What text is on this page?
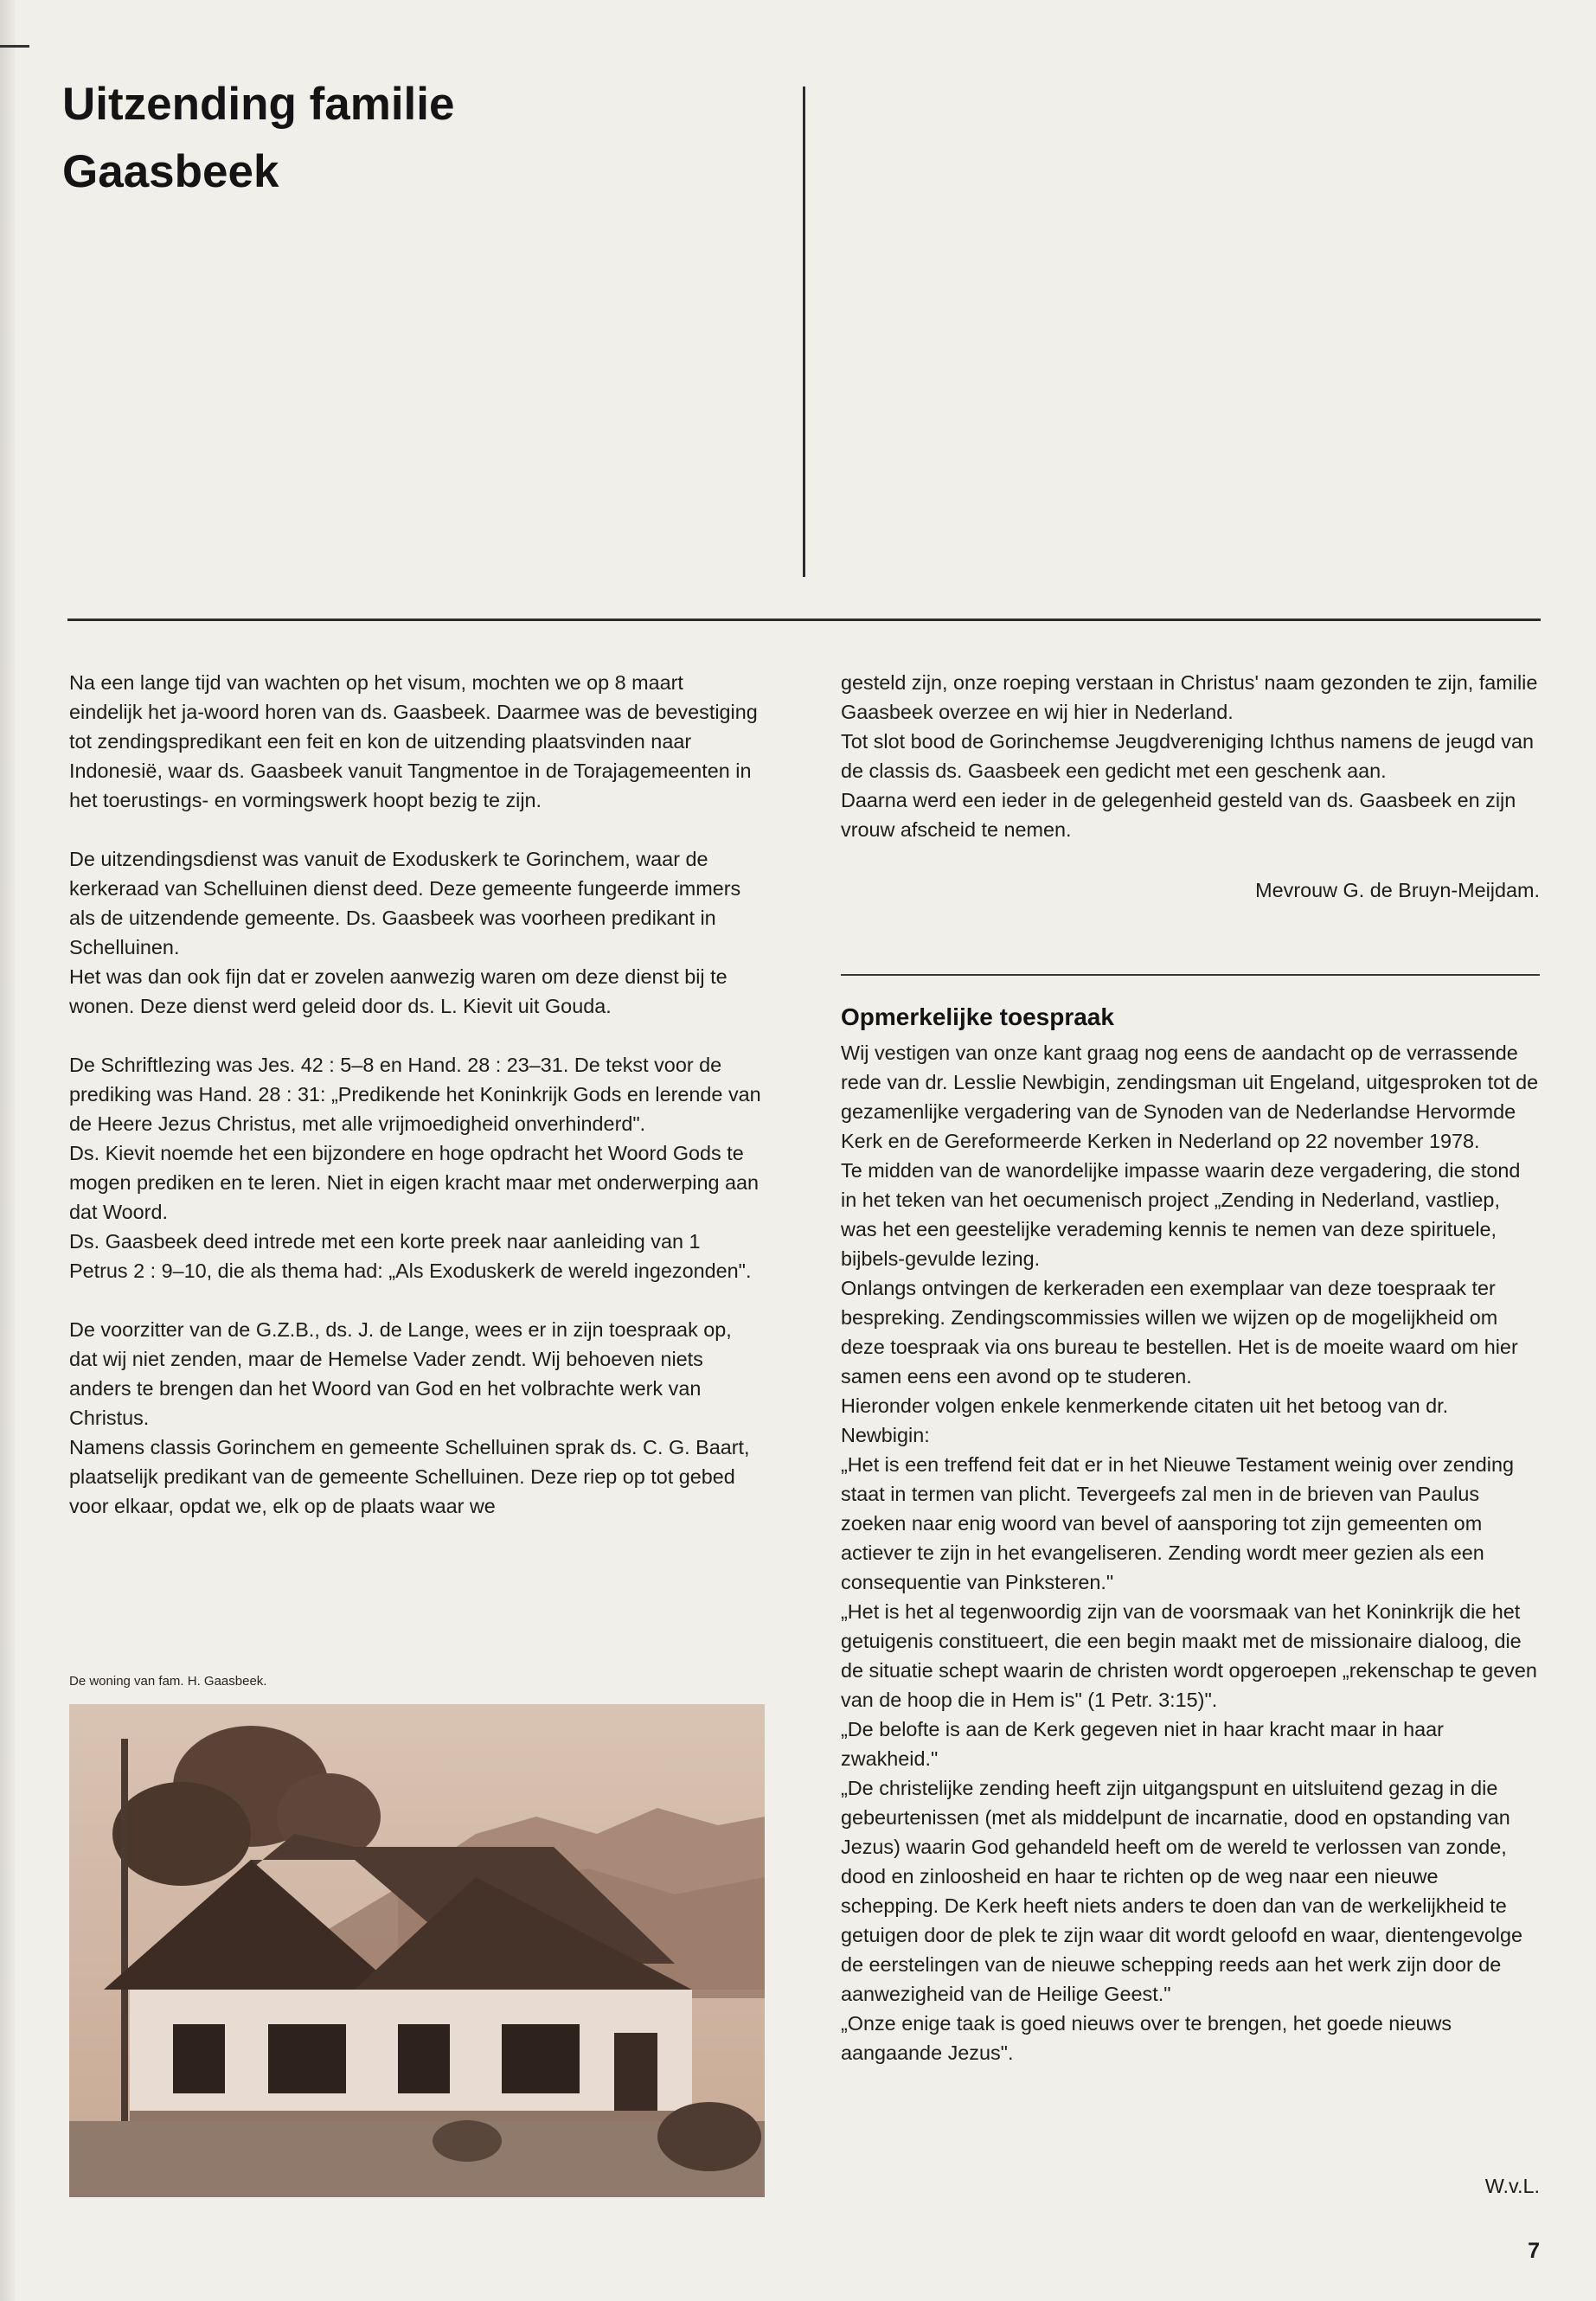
Uitzending familie
Gaasbeek

Na een lange tijd van wachten op het visum, mochten we op 8 maart eindelijk het ja-woord horen van ds. Gaasbeek. Daarmee was de bevestiging tot zendingspredikant een feit en kon de uitzending plaatsvinden naar Indonesië, waar ds. Gaasbeek vanuit Tangmentoe in de Torajagemeenten in het toerustings- en vormingswerk hoopt bezig te zijn.

De uitzendingsdienst was vanuit de Exoduskerk te Gorinchem, waar de kerkeraad van Schelluinen dienst deed. Deze gemeente fungeerde immers als de uitzendende gemeente. Ds. Gaasbeek was voorheen predikant in Schelluinen.

Het was dan ook fijn dat er zovelen aanwezig waren om deze dienst bij te wonen. Deze dienst werd geleid door ds. L. Kievit uit Gouda.

De Schriftlezing was Jes. 42 : 5–8 en Hand. 28 : 23–31. De tekst voor de prediking was Hand. 28 : 31: „Predikende het Koninkrijk Gods en lerende van de Heere Jezus Christus, met alle vrijmoedigheid onverhinderd".

Ds. Kievit noemde het een bijzondere en hoge opdracht het Woord Gods te mogen prediken en te leren. Niet in eigen kracht maar met onderwerping aan dat Woord.

Ds. Gaasbeek deed intrede met een korte preek naar aanleiding van 1 Petrus 2 : 9–10, die als thema had: „Als Exoduskerk de wereld ingezonden".

De voorzitter van de G.Z.B., ds. J. de Lange, wees er in zijn toespraak op, dat wij niet zenden, maar de Hemelse Vader zendt. Wij behoeven niets anders te brengen dan het Woord van God en het volbrachte werk van Christus.

Namens classis Gorinchem en gemeente Schelluinen sprak ds. C. G. Baart, plaatselijk predikant van de gemeente Schelluinen. Deze riep op tot gebed voor elkaar, opdat we, elk op de plaats waar we

De woning van fam. H. Gaasbeek.

gesteld zijn, onze roeping verstaan in Christus' naam gezonden te zijn, familie Gaasbeek overzee en wij hier in Nederland.

Tot slot bood de Gorinchemse Jeugdvereniging Ichthus namens de jeugd van de classis ds. Gaasbeek een gedicht met een geschenk aan.

Daarna werd een ieder in de gelegenheid gesteld van ds. Gaasbeek en zijn vrouw afscheid te nemen.

Mevrouw G. de Bruyn-Meijdam.

Opmerkelijke toespraak

Wij vestigen van onze kant graag nog eens de aandacht op de verrassende rede van dr. Lesslie Newbigin, zendingsman uit Engeland, uitgesproken tot de gezamenlijke vergadering van de Synoden van de Nederlandse Hervormde Kerk en de Gereformeerde Kerken in Nederland op 22 november 1978.

Te midden van de wanordelijke impasse waarin deze vergadering, die stond in het teken van het oecumenisch project „Zending in Nederland, vastliep, was het een geestelijke verademing kennis te nemen van deze spirituele, bijbels-gevulde lezing.

Onlangs ontvingen de kerkeraden een exemplaar van deze toespraak ter bespreking. Zendingscommissies willen we wijzen op de mogelijkheid om deze toespraak via ons bureau te bestellen. Het is de moeite waard om hier samen eens een avond op te studeren.

Hieronder volgen enkele kenmerkende citaten uit het betoog van dr. Newbigin:

„Het is een treffend feit dat er in het Nieuwe Testament weinig over zending staat in termen van plicht. Tevergeefs zal men in de brieven van Paulus zoeken naar enig woord van bevel of aansporing tot zijn gemeenten om actiever te zijn in het evangeliseren. Zending wordt meer gezien als een consequentie van Pinksteren."

„Het is het al tegenwoordig zijn van de voorsmaak van het Koninkrijk die het getuigenis constitueert, die een begin maakt met de missionaire dialoog, die de situatie schept waarin de christen wordt opgeroepen „rekenschap te geven van de hoop die in Hem is" (1 Petr. 3:15)".

„De belofte is aan de Kerk gegeven niet in haar kracht maar in haar zwakheid."

„De christelijke zending heeft zijn uitgangspunt en uitsluitend gezag in die gebeurtenissen (met als middelpunt de incarnatie, dood en opstanding van Jezus) waarin God gehandeld heeft om de wereld te verlossen van zonde, dood en zinloosheid en haar te richten op de weg naar een nieuwe schepping. De Kerk heeft niets anders te doen dan van de werkelijkheid te getuigen door de plek te zijn waar dit wordt geloofd en waar, dientengevolge de eerstelingen van de nieuwe schepping reeds aan het werk zijn door de aanwezigheid van de Heilige Geest."

„Onze enige taak is goed nieuws over te brengen, het goede nieuws aangaande Jezus".

W.v.L.
7
